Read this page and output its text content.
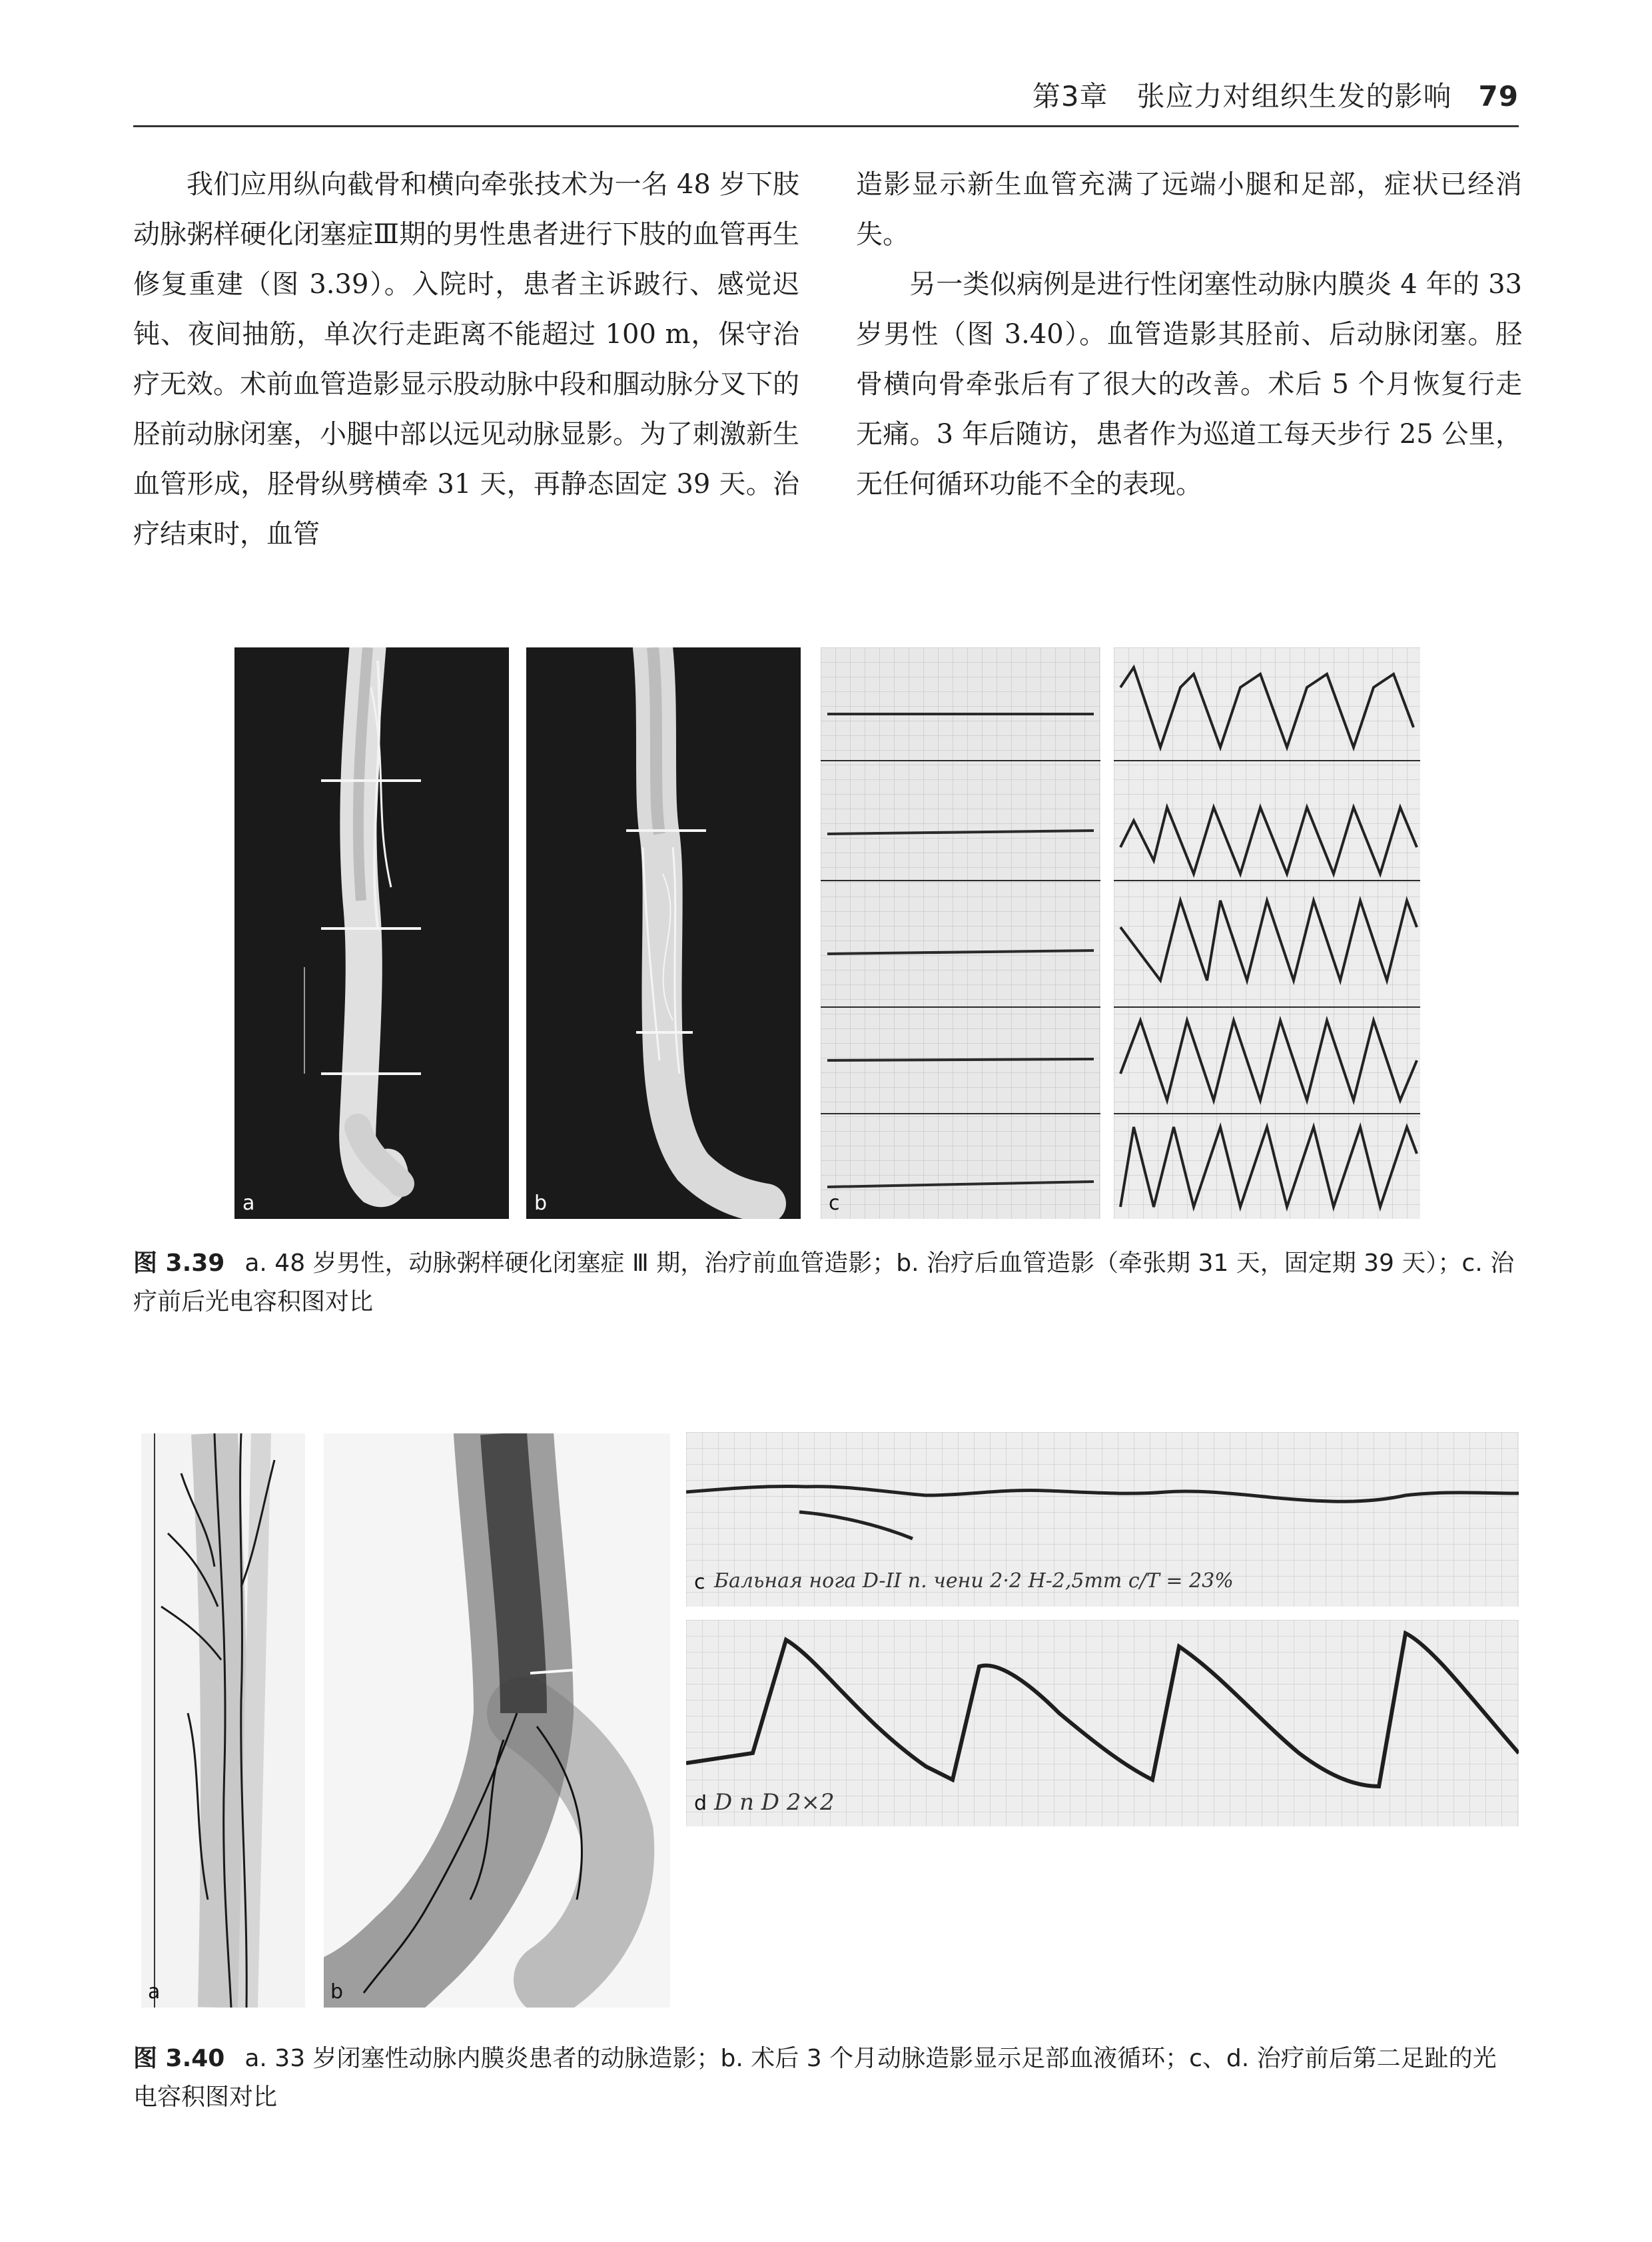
第3章　张应力对组织生发的影响 79

我们应用纵向截骨和横向牵张技术为一名 48 岁下肢动脉粥样硬化闭塞症Ⅲ期的男性患者进行下肢的血管再生修复重建（图 3.39）。入院时，患者主诉跛行、感觉迟钝、夜间抽筋，单次行走距离不能超过 100 m，保守治疗无效。术前血管造影显示股动脉中段和腘动脉分叉下的胫前动脉闭塞，小腿中部以远见动脉显影。为了刺激新生血管形成，胫骨纵劈横牵 31 天，再静态固定 39 天。治疗结束时，血管

造影显示新生血管充满了远端小腿和足部，症状已经消失。

另一类似病例是进行性闭塞性动脉内膜炎 4 年的 33 岁男性（图 3.40）。血管造影其胫前、后动脉闭塞。胫骨横向骨牵张后有了很大的改善。术后 5 个月恢复行走无痛。3 年后随访，患者作为巡道工每天步行 25 公里，无任何循环功能不全的表现。

a	b	c
图 3.39 a. 48 岁男性，动脉粥样硬化闭塞症 Ⅲ 期，治疗前血管造影；b. 治疗后血管造影（牵张期 31 天，固定期 39 天）；c. 治疗前后光电容积图对比
a	b
c Бальная нога D-II п. чени 2·2 H-2,5mm c/T = 23%
d D п D 2×2
图 3.40 a. 33 岁闭塞性动脉内膜炎患者的动脉造影；b. 术后 3 个月动脉造影显示足部血液循环；c、d. 治疗前后第二足趾的光电容积图对比
